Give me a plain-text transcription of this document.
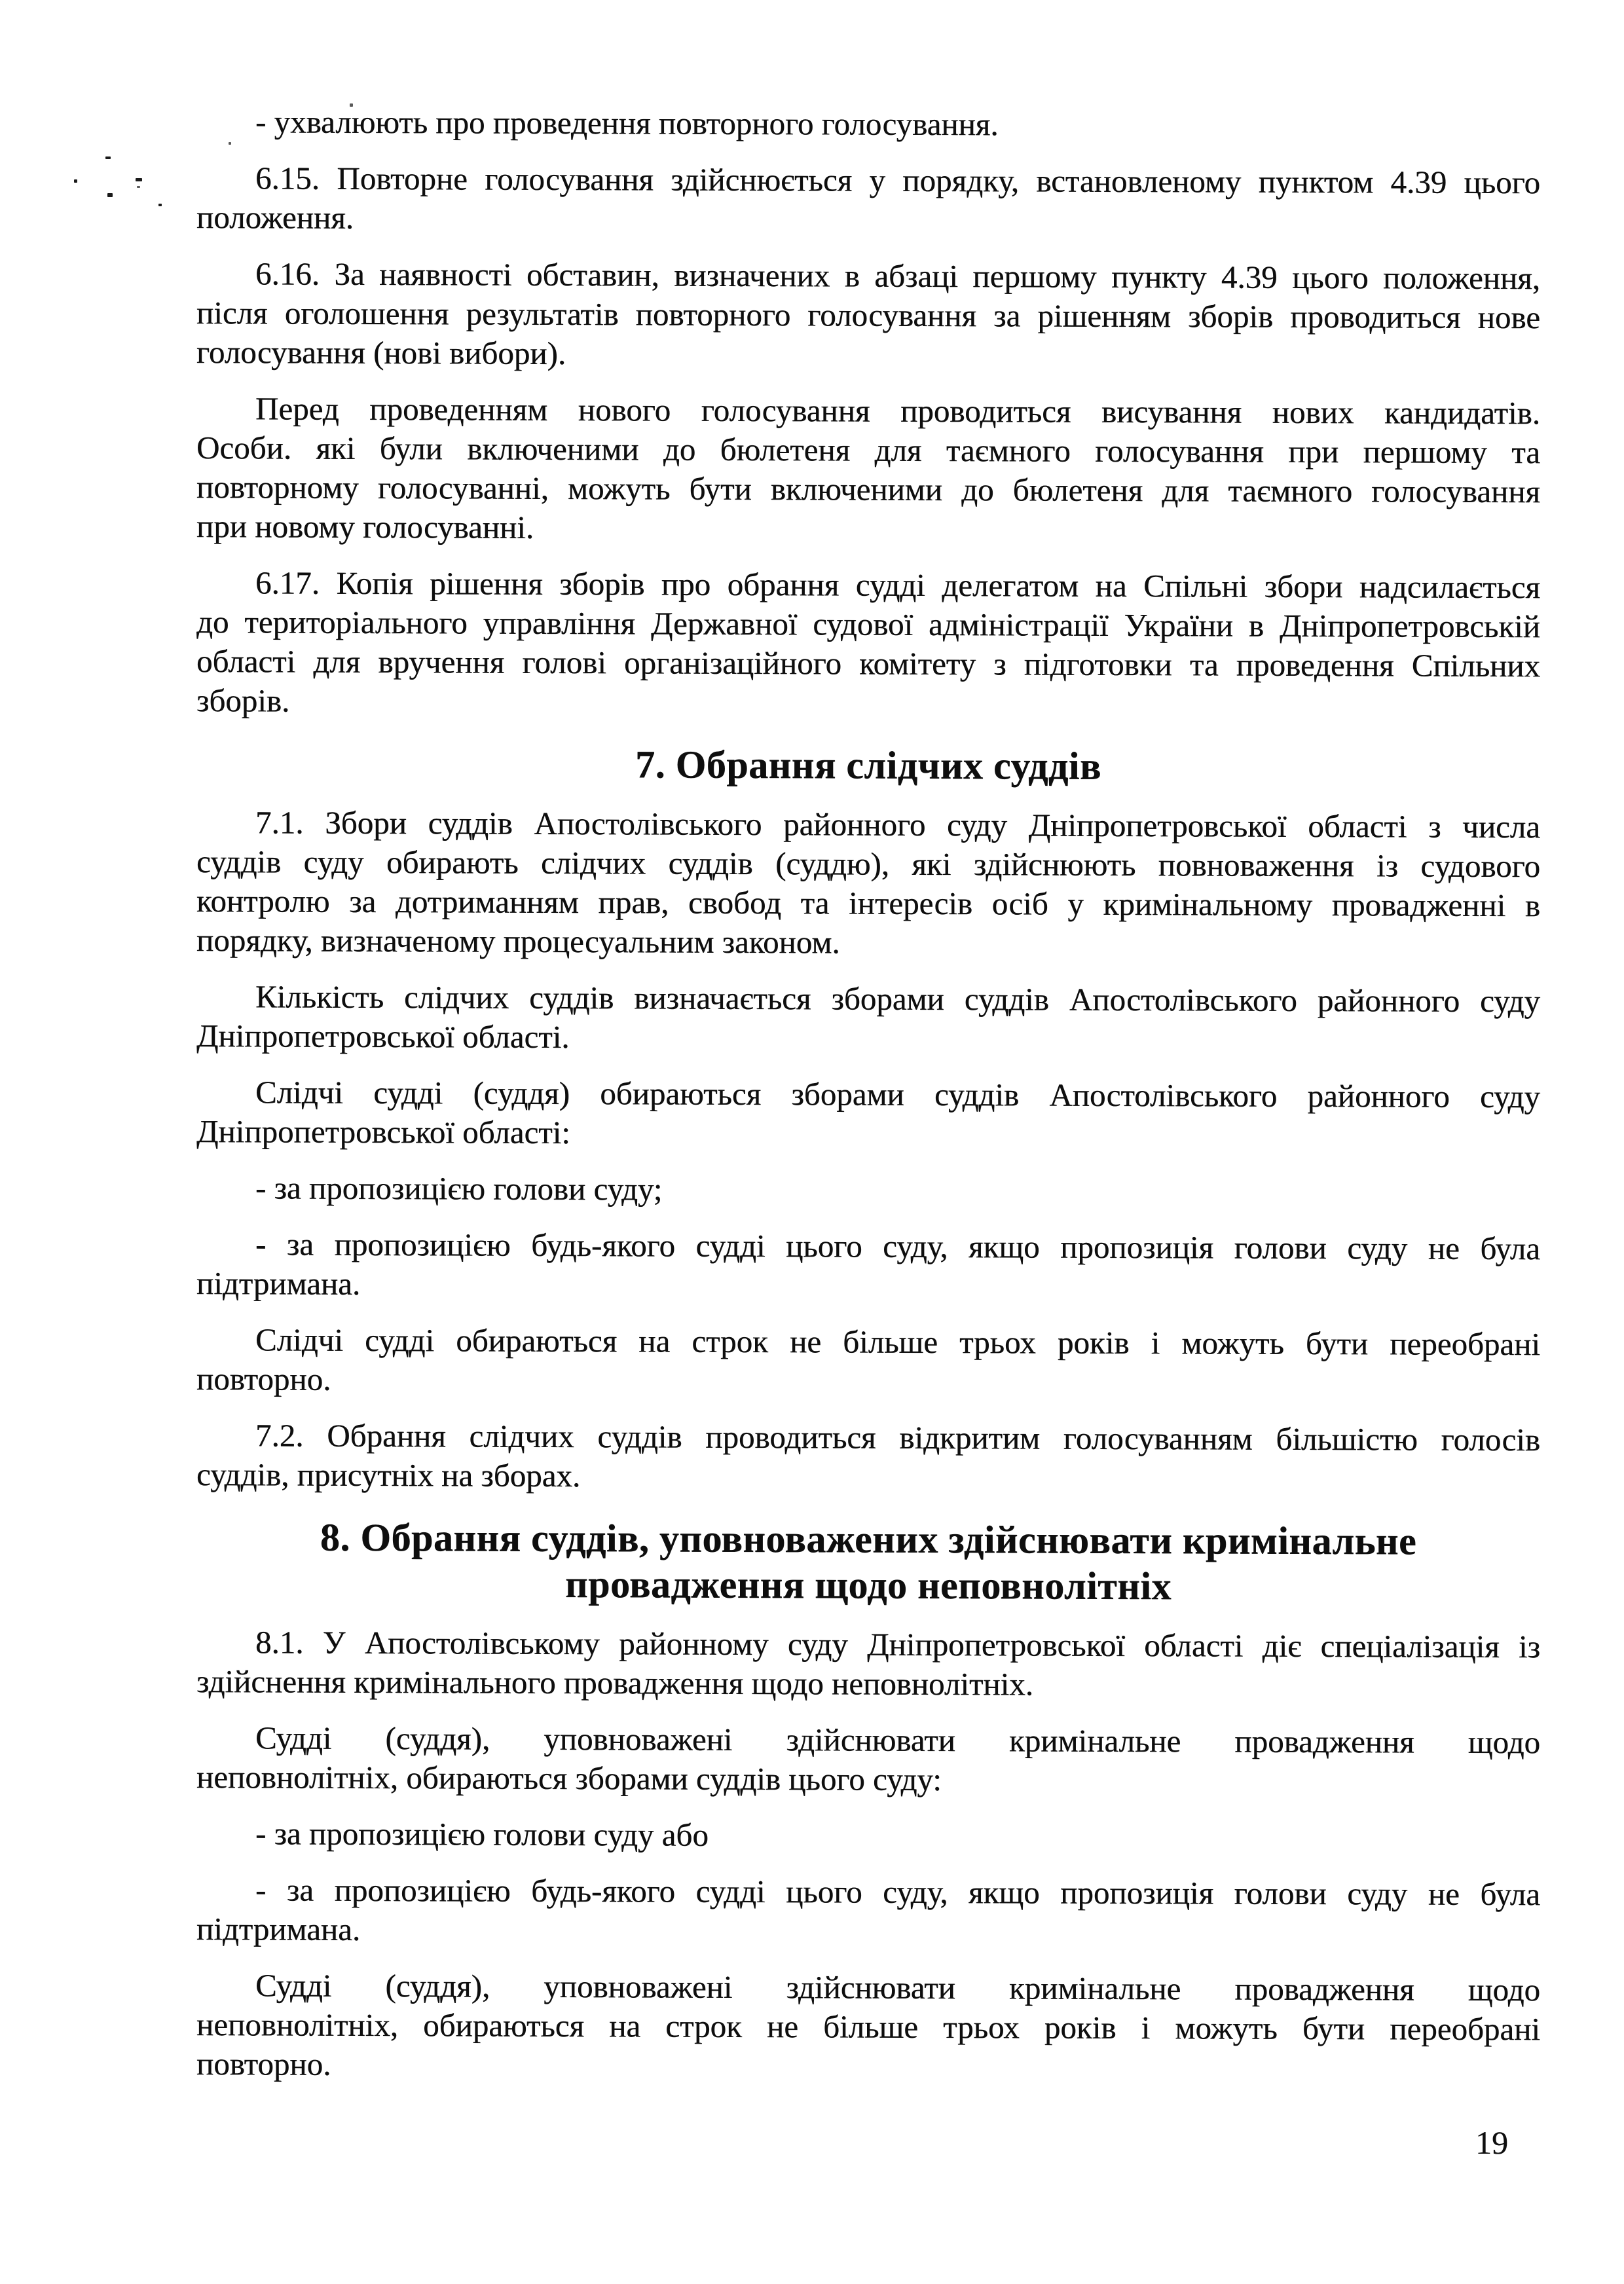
- ухвалюють про проведення повторного голосування.
6.15. Повторне голосування здійснюється у порядку, встановленому пунктом 4.39 цього
положення.
6.16. За наявності обставин, визначених в абзаці першому пункту 4.39 цього положення,
після оголошення результатів повторного голосування за рішенням зборів проводиться нове
голосування (нові вибори).
Перед проведенням нового голосування проводиться висування нових кандидатів.
Особи. які були включеними до бюлетеня для таємного голосування при першому та
повторному голосуванні, можуть бути включеними до бюлетеня для таємного голосування
при новому голосуванні.
6.17. Копія рішення зборів про обрання судді делегатом на Спільні збори надсилається
до територіального управління Державної судової адміністрації України в Дніпропетровській
області для вручення голові організаційного комітету з підготовки та проведення Спільних
зборів.
7. Обрання слідчих суддів
7.1. Збори суддів Апостолівського районного суду Дніпропетровської області з числа
суддів суду обирають слідчих суддів (суддю), які здійснюють повноваження із судового
контролю за дотриманням прав, свобод та інтересів осіб у кримінальному провадженні в
порядку, визначеному процесуальним законом.
Кількість слідчих суддів визначається зборами суддів Апостолівського районного суду
Дніпропетровської області.
Слідчі судді (суддя) обираються зборами суддів Апостолівського районного суду
Дніпропетровської області:
- за пропозицією голови суду;
- за пропозицією будь-якого судді цього суду, якщо пропозиція голови суду не була
підтримана.
Слідчі судді обираються на строк не більше трьох років і можуть бути переобрані
повторно.
7.2. Обрання слідчих суддів проводиться відкритим голосуванням більшістю голосів
суддів, присутніх на зборах.
8. Обрання суддів, уповноважених здійснювати кримінальне
провадження щодо неповнолітніх
8.1. У Апостолівському районному суду Дніпропетровської області діє спеціалізація із
здійснення кримінального провадження щодо неповнолітніх.
Судді (суддя), уповноважені здійснювати кримінальне провадження щодо
неповнолітніх, обираються зборами суддів цього суду:
- за пропозицією голови суду або
- за пропозицією будь-якого судді цього суду, якщо пропозиція голови суду не була
підтримана.
Судді (суддя), уповноважені здійснювати кримінальне провадження щодо
неповнолітніх, обираються на строк не більше трьох років і можуть бути переобрані
повторно.
19
